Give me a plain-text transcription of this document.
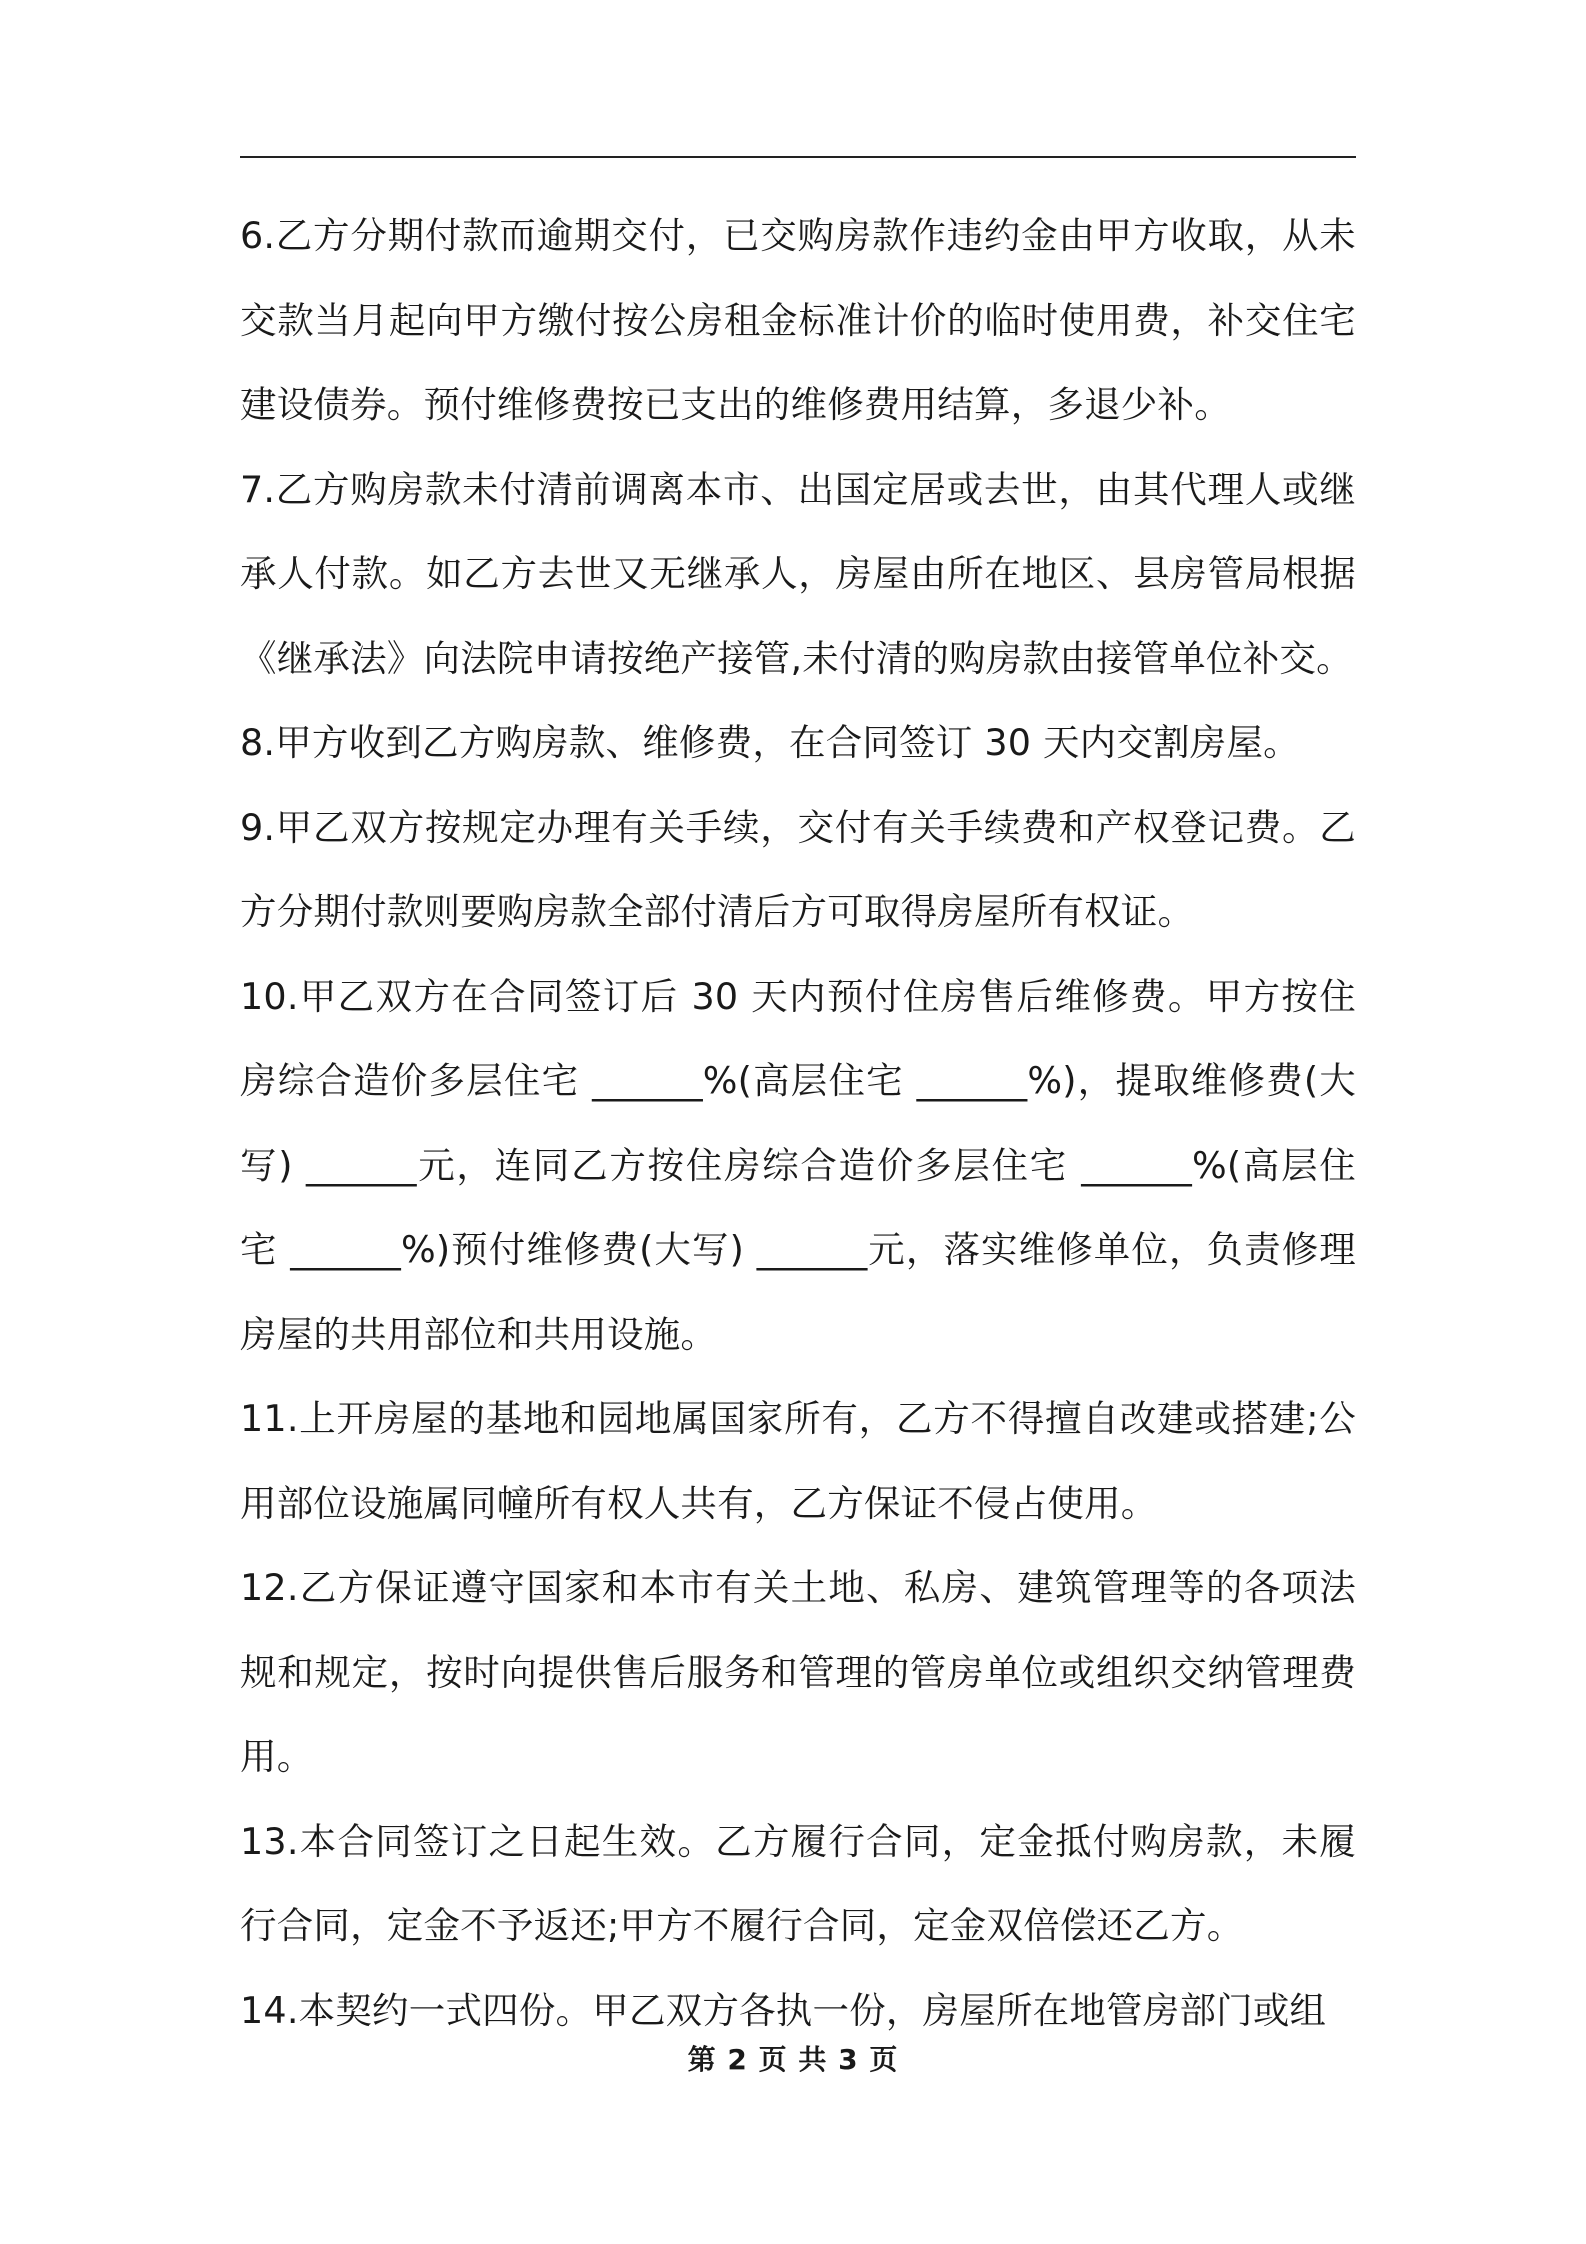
6.乙方分期付款而逾期交付，已交购房款作违约金由甲方收取，从未交款当月起向甲方缴付按公房租金标准计价的临时使用费，补交住宅建设债券。预付维修费按已支出的维修费用结算，多退少补。

7.乙方购房款未付清前调离本市、出国定居或去世，由其代理人或继承人付款。如乙方去世又无继承人，房屋由所在地区、县房管局根据《继承法》向法院申请按绝产接管,未付清的购房款由接管单位补交。

8.甲方收到乙方购房款、维修费，在合同签订 30 天内交割房屋。

9.甲乙双方按规定办理有关手续，交付有关手续费和产权登记费。乙方分期付款则要购房款全部付清后方可取得房屋所有权证。

10.甲乙双方在合同签订后 30 天内预付住房售后维修费。甲方按住房综合造价多层住宅 ______%(高层住宅 ______%)，提取维修费(大写) ______元，连同乙方按住房综合造价多层住宅 ______%(高层住宅 ______%)预付维修费(大写) ______元，落实维修单位，负责修理房屋的共用部位和共用设施。

11.上开房屋的基地和园地属国家所有，乙方不得擅自改建或搭建;公用部位设施属同幢所有权人共有，乙方保证不侵占使用。

12.乙方保证遵守国家和本市有关土地、私房、建筑管理等的各项法规和规定，按时向提供售后服务和管理的管房单位或组织交纳管理费用。

13.本合同签订之日起生效。乙方履行合同，定金抵付购房款，未履行合同，定金不予返还;甲方不履行合同，定金双倍偿还乙方。

14.本契约一式四份。甲乙双方各执一份，房屋所在地管房部门或组

第 2 页 共 3 页
